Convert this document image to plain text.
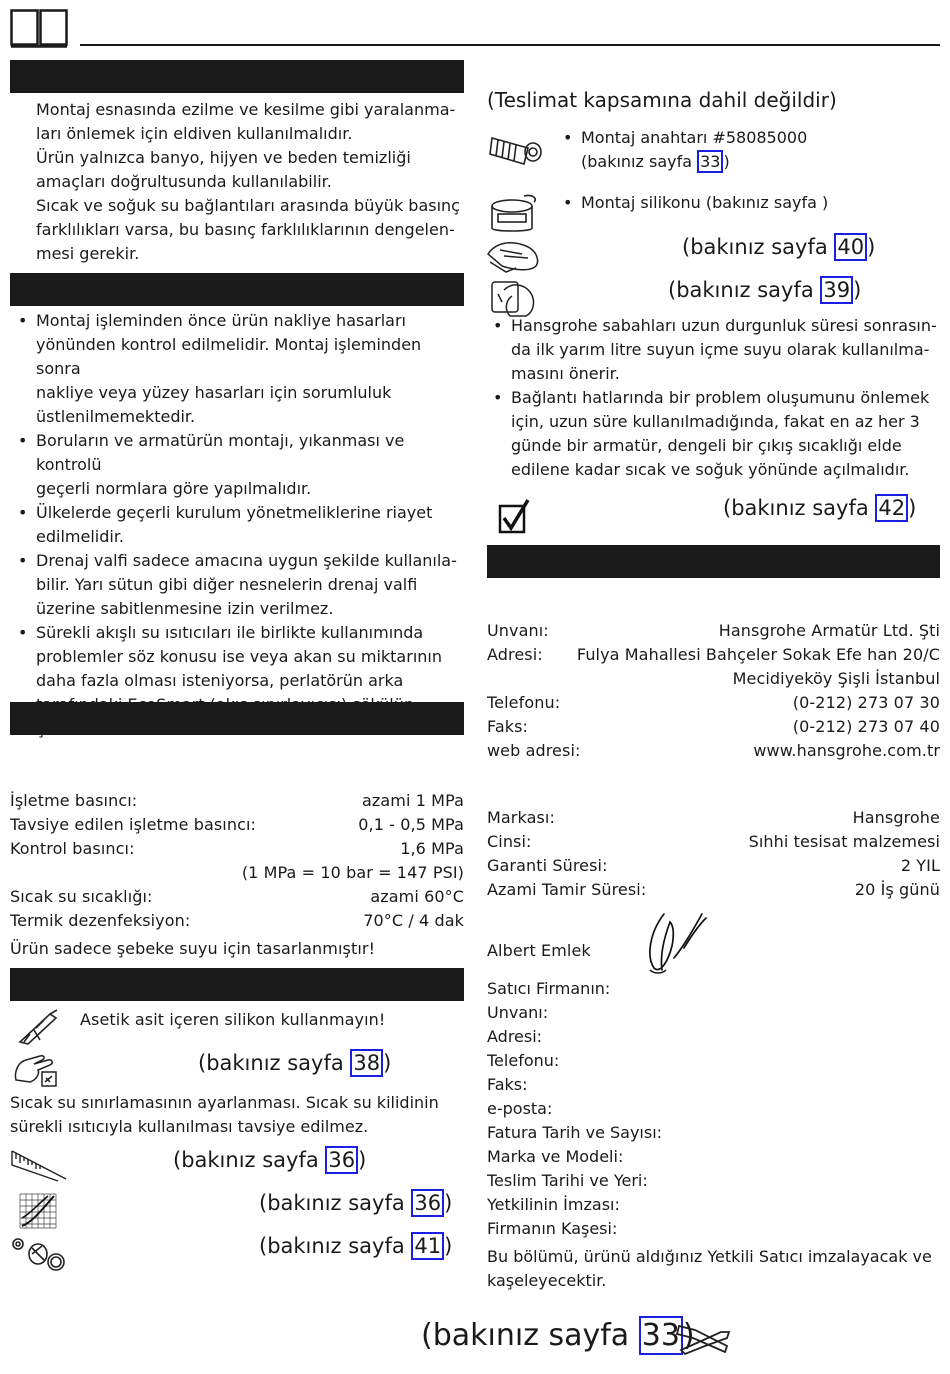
Montaj esnasında ezilme ve kesilme gibi yaralanma-
ları önlemek için eldiven kullanılmalıdır.
Ürün yalnızca banyo, hijyen ve beden temizliği
amaçları doğrultusunda kullanılabilir.
Sıcak ve soğuk su bağlantıları arasında büyük basınç
farklılıkları varsa, bu basınç farklılıklarının dengelen-
mesi gerekir.
• Montaj işleminden önce ürün nakliye hasarları
yönünden kontrol edilmelidir. Montaj işleminden sonra
nakliye veya yüzey hasarları için sorumluluk
üstlenilmemektedir.
• Boruların ve armatürün montajı, yıkanması ve kontrolü
geçerli normlara göre yapılmalıdır.
• Ülkelerde geçerli kurulum yönetmeliklerine riayet
edilmelidir.
• Drenaj valfi sadece amacına uygun şekilde kullanıla-
bilir. Yarı sütun gibi diğer nesnelerin drenaj valfi
üzerine sabitlenmesine izin verilmez.
• Sürekli akışlı su ısıtıcıları ile birlikte kullanımında
problemler söz konusu ise veya akan su miktarının
daha fazla olması isteniyorsa, perlatörün arka
İşletme basıncı:	azami 1 MPa
Tavsiye edilen işletme basıncı:	0,1 - 0,5 MPa
Kontrol basıncı:	1,6 MPa
(1 MPa = 10 bar = 147 PSI)
Sıcak su sıcaklığı:	azami 60°C
Termik dezenfeksiyon:	70°C / 4 dak
Ürün sadece şebeke suyu için tasarlanmıştır!
Asetik asit içeren silikon kullanmayın!
(bakınız sayfa 38 )
Sıcak su sınırlamasının ayarlanması. Sıcak su kilidinin
sürekli ısıtıcıyla kullanılması tavsiye edilmez.
(bakınız sayfa 36 )
(bakınız sayfa 36 )
(bakınız sayfa 41 )
(Teslimat kapsamına dahil değildir)
• Montaj anahtarı #58085000
(bakınız sayfa 33 )
• Montaj silikonu (bakınız sayfa )
(bakınız sayfa 40 )
(bakınız sayfa 39 )
• Hansgrohe sabahları uzun durgunluk süresi sonrasın-
da ilk yarım litre suyun içme suyu olarak kullanılma-
masını önerir.
• Bağlantı hatlarında bir problem oluşumunu önlemek
için, uzun süre kullanılmadığında, fakat en az her 3
günde bir armatür, dengeli bir çıkış sıcaklığı elde
edilene kadar sıcak ve soğuk yönünde açılmalıdır.
(bakınız sayfa 42 )
Unvanı:	Hansgrohe Armatür Ltd. Şti
Adresi:	Fulya Mahallesi Bahçeler Sokak Efe han 20/C
Mecidiyeköy Şişli İstanbul
Telefonu:	(0-212) 273 07 30
Faks:	(0-212) 273 07 40
web adresi:	www.hansgrohe.com.tr
Markası:	Hansgrohe
Cinsi:	Sıhhi tesisat malzemesi
Garanti Süresi:	2 YIL
Azami Tamir Süresi:	20 İş günü
Albert Emlek
Satıcı Firmanın:
Unvanı:
Adresi:
Telefonu:
Faks:
e-posta:
Fatura Tarih ve Sayısı:
Marka ve Modeli:
Teslim Tarihi ve Yeri:
Yetkilinin İmzası:
Firmanın Kaşesi:
Bu bölümü, ürünü aldığınız Yetkili Satıcı imzalayacak ve
kaşeleyecektir.
(bakınız sayfa 33 )
